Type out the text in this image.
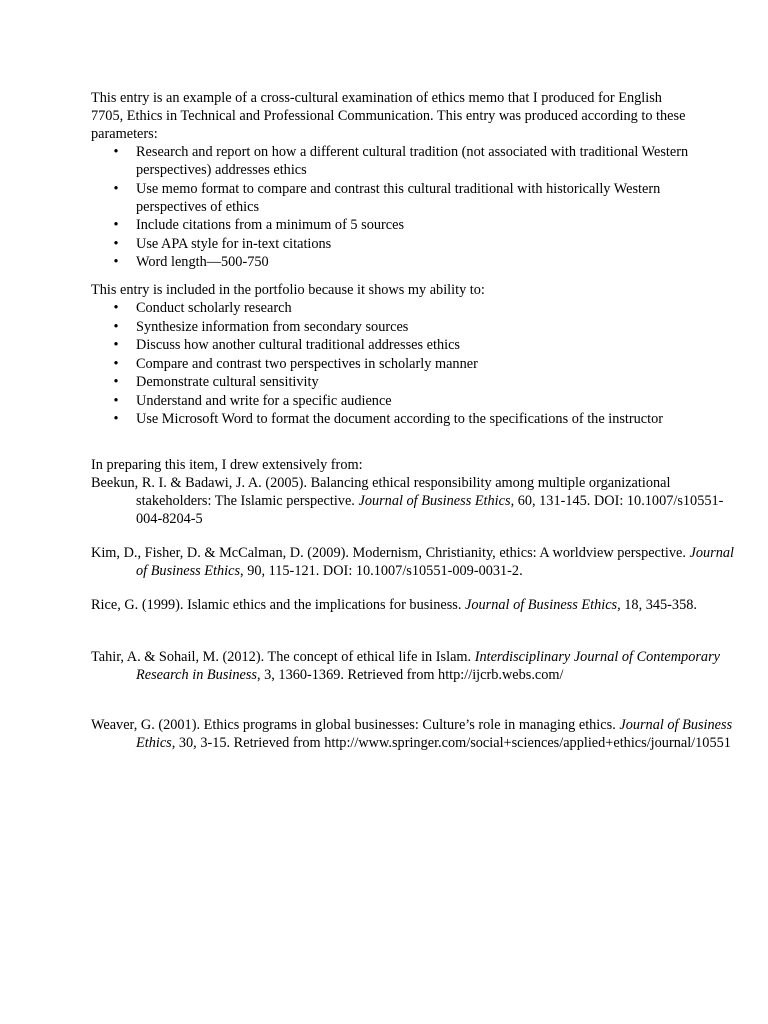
This entry is an example of a cross-cultural examination of ethics memo that I produced for English 7705, Ethics in Technical and Professional Communication. This entry was produced according to these parameters:

•	Research and report on how a different cultural tradition (not associated with traditional Western perspectives) addresses ethics
•	Use memo format to compare and contrast this cultural traditional with historically Western perspectives of ethics
•	Include citations from a minimum of 5 sources
•	Use APA style for in-text citations
•	Word length—500-750

This entry is included in the portfolio because it shows my ability to:

•	Conduct scholarly research
•	Synthesize information from secondary sources
•	Discuss how another cultural traditional addresses ethics
•	Compare and contrast two perspectives in scholarly manner
•	Demonstrate cultural sensitivity
•	Understand and write for a specific audience
•	Use Microsoft Word to format the document according to the specifications of the instructor

In preparing this item, I drew extensively from:

Beekun, R. I. & Badawi, J. A. (2005). Balancing ethical responsibility among multiple organizational stakeholders: The Islamic perspective. Journal of Business Ethics, 60, 131-145. DOI: 10.1007/s10551-004-8204-5

Kim, D., Fisher, D. & McCalman, D. (2009). Modernism, Christianity, ethics: A worldview perspective. Journal of Business Ethics, 90, 115-121. DOI: 10.1007/s10551-009-0031-2.

Rice, G. (1999). Islamic ethics and the implications for business. Journal of Business Ethics, 18, 345-358.

Tahir, A. & Sohail, M. (2012). The concept of ethical life in Islam. Interdisciplinary Journal of Contemporary Research in Business, 3, 1360-1369. Retrieved from http://ijcrb.webs.com/

Weaver, G. (2001). Ethics programs in global businesses: Culture’s role in managing ethics. Journal of Business Ethics, 30, 3-15. Retrieved from http://www.springer.com/social+sciences/applied+ethics/journal/10551
